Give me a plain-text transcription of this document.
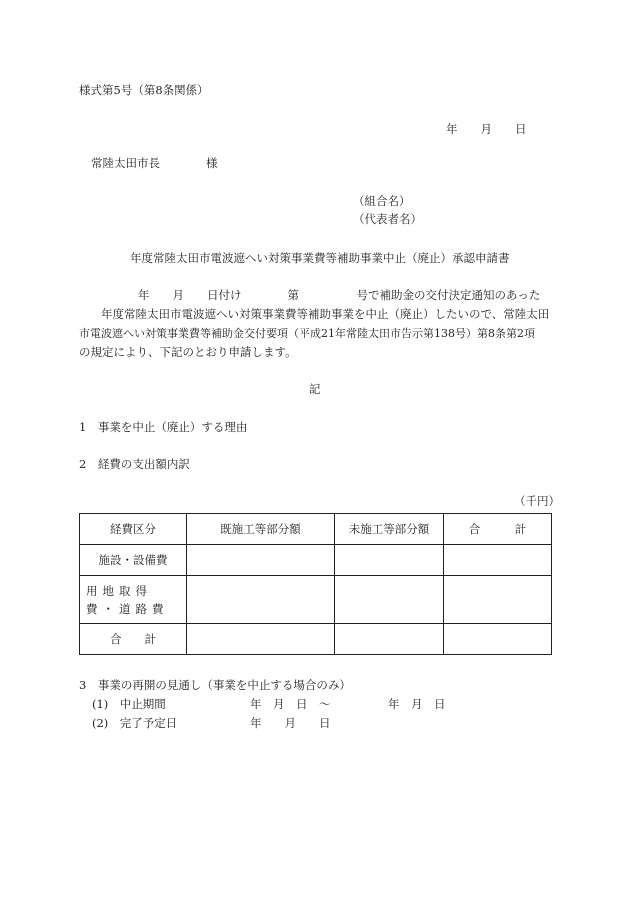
様式第5号（第8条関係）
年　　月　　日
常陸太田市長　　　　様
（組合名）
（代表者名）
年度常陸太田市電波遮へい対策事業費等補助事業中止（廃止）承認申請書
年　　月　　日付け　　　　第　　　　　号で補助金の交付決定通知のあった
年度常陸太田市電波遮へい対策事業費等補助事業を中止（廃止）したいので、常陸太田
市電波遮へい対策事業費等補助金交付要項（平成21年常陸太田市告示第138号）第8条第2項
の規定により、下記のとおり申請します。
記
1　事業を中止（廃止）する理由
2　経費の支出額内訳
（千円）
経費区分	既施工等部分額	未施工等部分額	合　　　計
施設・設備費			
用地取得費・道路費			
合　　計			
3　事業の再開の見通し（事業を中止する場合のみ）
(1)　中止期間	年　月　日　〜　　　　　年　月　日
(2)　完了予定日	年　　月　　日
